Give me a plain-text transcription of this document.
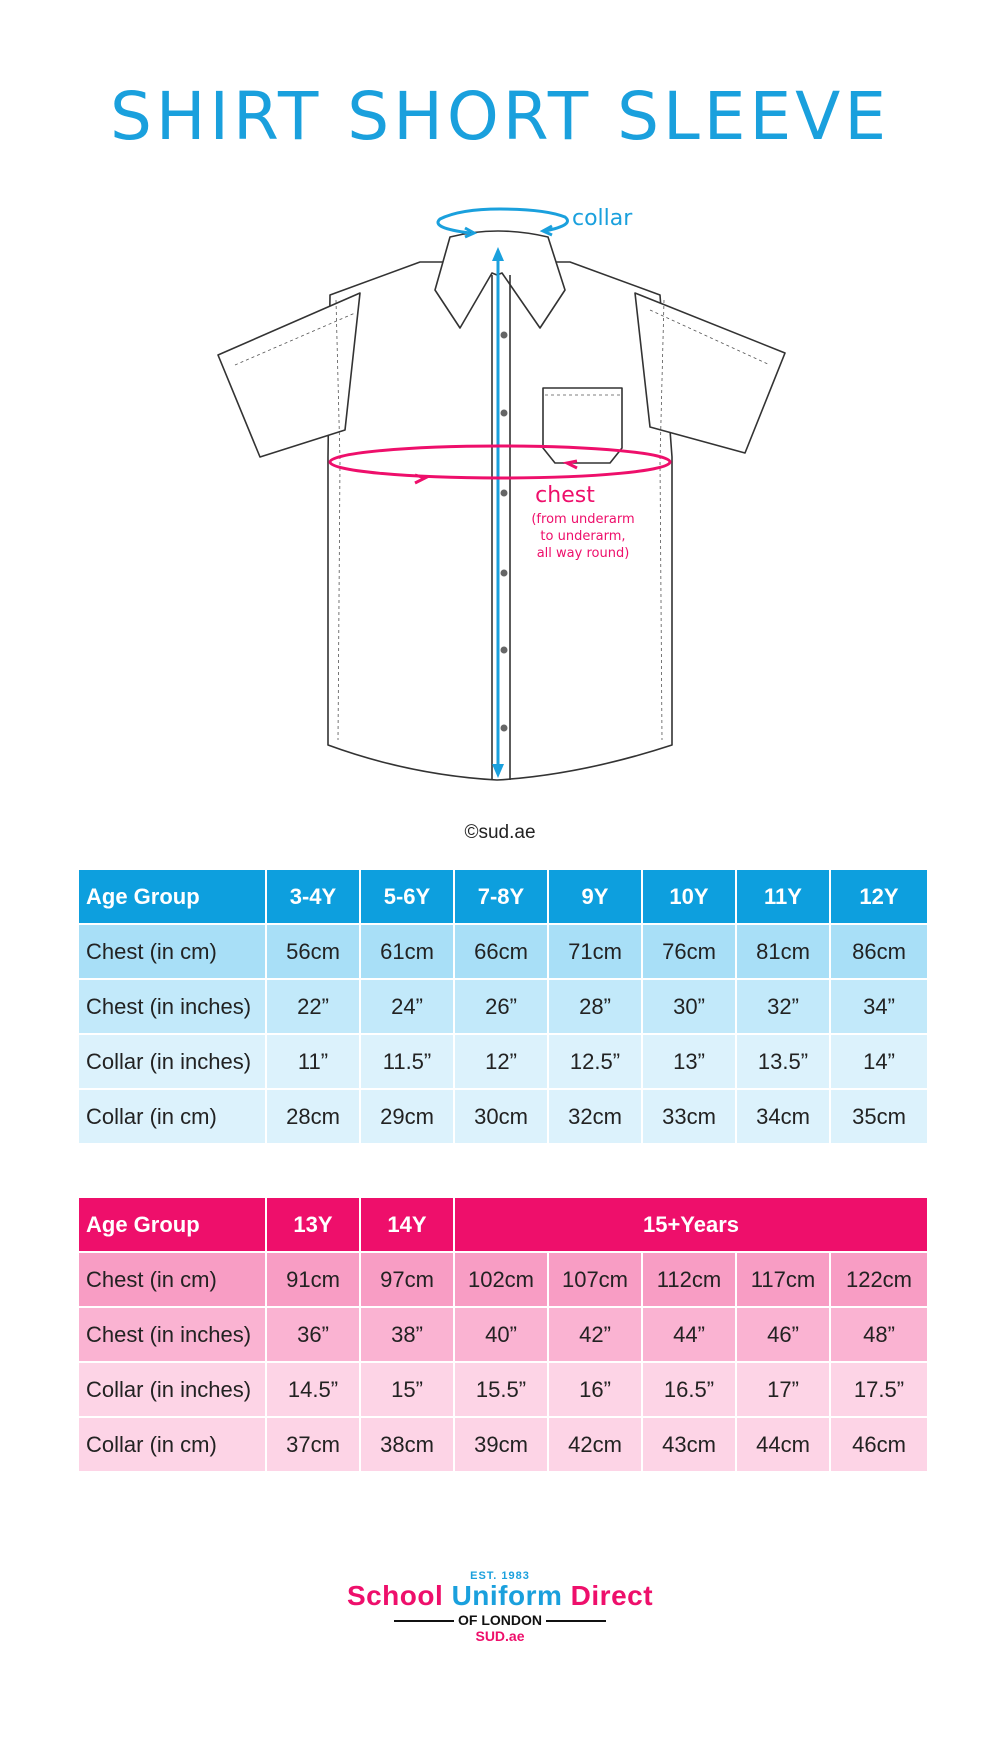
SHIRT SHORT SLEEVE
collar
chest
(from underarm
to underarm,
all way round)
©sud.ae
Age Group	3-4Y	5-6Y	7-8Y	9Y	10Y	11Y	12Y
Chest (in cm)	56cm	61cm	66cm	71cm	76cm	81cm	86cm
Chest (in inches)	22”	24”	26”	28”	30”	32”	34”
Collar (in inches)	11”	11.5”	12”	12.5”	13”	13.5”	14”
Collar (in cm)	28cm	29cm	30cm	32cm	33cm	34cm	35cm
Age Group	13Y	14Y	15+Years				
Chest (in cm)	91cm	97cm	102cm	107cm	112cm	117cm	122cm
Chest (in inches)	36”	38”	40”	42”	44”	46”	48”
Collar (in inches)	14.5”	15”	15.5”	16”	16.5”	17”	17.5”
Collar (in cm)	37cm	38cm	39cm	42cm	43cm	44cm	46cm
EST. 1983
School Uniform Direct
OF LONDON
SUD.ae
